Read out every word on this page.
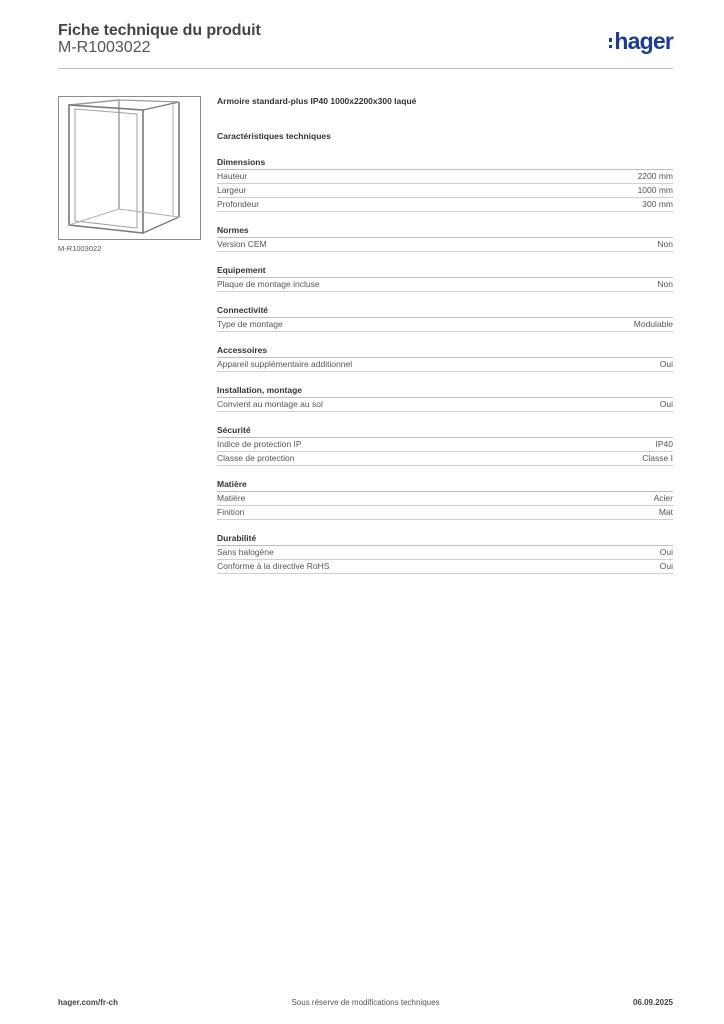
Fiche technique du produit
M-R1003022	hager
M-R1003022
Armoire standard-plus IP40 1000x2200x300 laqué
Caractéristiques techniques
Dimensions
Hauteur	2200 mm
Largeur	1000 mm
Profondeur	300 mm
Normes
Version CEM	Non
Equipement
Plaque de montage incluse	Non
Connectivité
Type de montage	Modulable
Accessoires
Appareil supplémentaire additionnel	Oui
Installation, montage
Convient au montage au sol	Oui
Sécurité
Indice de protection IP	IP40
Classe de protection	Classe I
Matière
Matière	Acier
Finition	Mat
Durabilité
Sans halogène	Oui
Conforme à la directive RoHS	Oui
hager.com/fr-ch	Sous réserve de modifications techniques	06.09.2025
